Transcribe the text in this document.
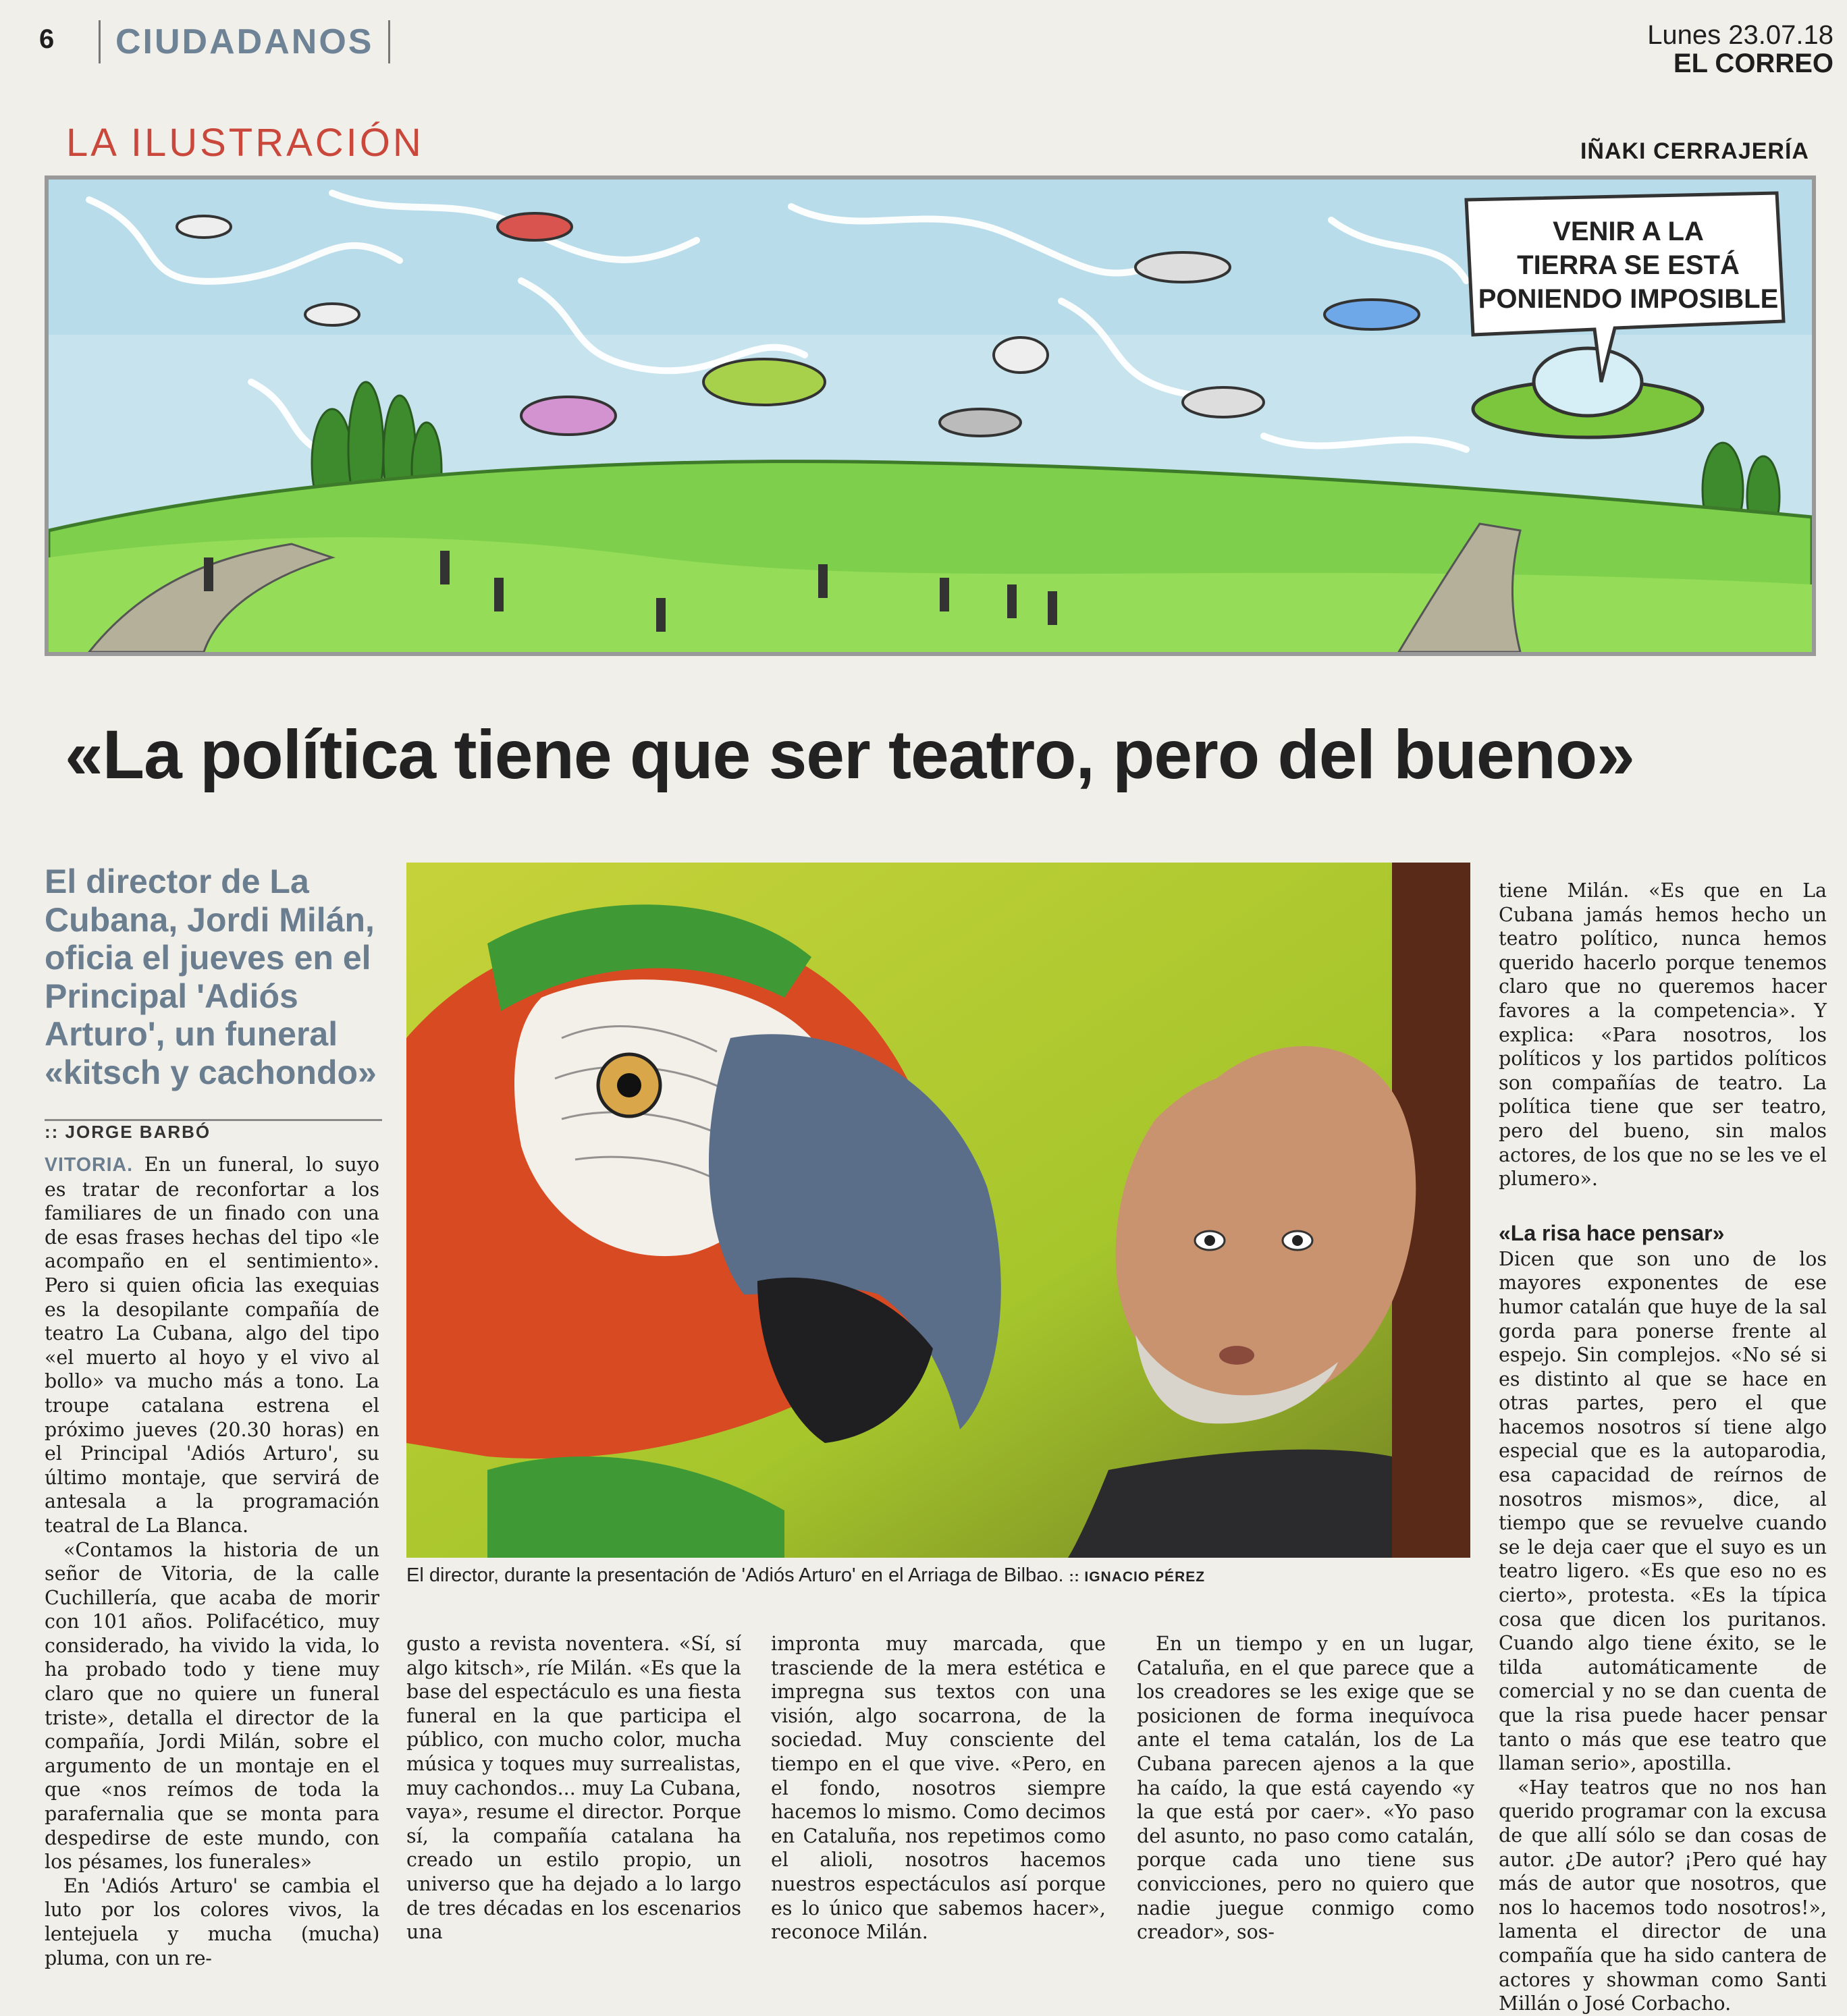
6	CIUDADANOS	Lunes 23.07.18
EL CORREO
LA ILUSTRACIÓN	IÑAKI CERRAJERÍA
VENIR A LA
TIERRA SE ESTÁ
PONIENDO IMPOSIBLE
«La política tiene que ser teatro, pero del bueno»
El director de La Cubana, Jordi Milán, oficia el jueves en el Principal 'Adiós Arturo', un funeral «kitsch y cachondo»
:: JORGE BARBÓ

VITORIA. En un funeral, lo suyo es tratar de reconfortar a los familiares de un finado con una de esas frases hechas del tipo «le acompaño en el sentimiento». Pero si quien oficia las exequias es la desopilante compañía de teatro La Cubana, algo del tipo «el muerto al hoyo y el vivo al bollo» va mucho más a tono. La troupe catalana estrena el próximo jueves (20.30 horas) en el Principal 'Adiós Arturo', su último montaje, que servirá de antesala a la programación teatral de La Blanca.

«Contamos la historia de un señor de Vitoria, de la calle Cuchillería, que acaba de morir con 101 años. Polifacético, muy considerado, ha vivido la vida, lo ha probado todo y tiene muy claro que no quiere un funeral triste», detalla el director de la compañía, Jordi Milán, sobre el argumento de un montaje en el que «nos reímos de toda la parafernalia que se monta para despedirse de este mundo, con los pésames, los funerales»

En 'Adiós Arturo' se cambia el luto por los colores vivos, la lentejuela y mucha (mucha) pluma, con un re-

El director, durante la presentación de 'Adiós Arturo' en el Arriaga de Bilbao. :: IGNACIO PÉREZ

gusto a revista noventera. «Sí, sí algo kitsch», ríe Milán. «Es que la base del espectáculo es una fiesta funeral en la que participa el público, con mucho color, mucha música y toques muy surrealistas, muy cachondos... muy La Cubana, vaya», resume el director. Porque sí, la compañía catalana ha creado un estilo propio, un universo que ha dejado a lo largo de tres décadas en los escenarios una

impronta muy marcada, que trasciende de la mera estética e impregna sus textos con una visión, algo socarrona, de la sociedad. Muy consciente del tiempo en el que vive. «Pero, en el fondo, nosotros siempre hacemos lo mismo. Como decimos en Cataluña, nos repetimos como el alioli, nosotros hacemos nuestros espectáculos así porque es lo único que sabemos hacer», reconoce Milán.

En un tiempo y en un lugar, Cataluña, en el que parece que a los creadores se les exige que se posicionen de forma inequívoca ante el tema catalán, los de La Cubana parecen ajenos a la que ha caído, la que está cayendo «y la que está por caer». «Yo paso del asunto, no paso como catalán, porque cada uno tiene sus convicciones, pero no quiero que nadie juegue conmigo como creador», sos-

tiene Milán. «Es que en La Cubana jamás hemos hecho un teatro político, nunca hemos querido hacerlo porque tenemos claro que no queremos hacer favores a la competencia». Y explica: «Para nosotros, los políticos y los partidos políticos son compañías de teatro. La política tiene que ser teatro, pero del bueno, sin malos actores, de los que no se les ve el plumero».

«La risa hace pensar»

Dicen que son uno de los mayores exponentes de ese humor catalán que huye de la sal gorda para ponerse frente al espejo. Sin complejos. «No sé si es distinto al que se hace en otras partes, pero el que hacemos nosotros sí tiene algo especial que es la autoparodia, esa capacidad de reírnos de nosotros mismos», dice, al tiempo que se revuelve cuando se le deja caer que el suyo es un teatro ligero. «Es que eso no es cierto», protesta. «Es la típica cosa que dicen los puritanos. Cuando algo tiene éxito, se le tilda automáticamente de comercial y no se dan cuenta de que la risa puede hacer pensar tanto o más que ese teatro que llaman serio», apostilla.

«Hay teatros que no nos han querido programar con la excusa de que allí sólo se dan cosas de autor. ¿De autor? ¡Pero qué hay más de autor que nosotros, que nos lo hacemos todo nosotros!», lamenta el director de una compañía que ha sido cantera de actores y showman como Santi Millán o José Corbacho.
